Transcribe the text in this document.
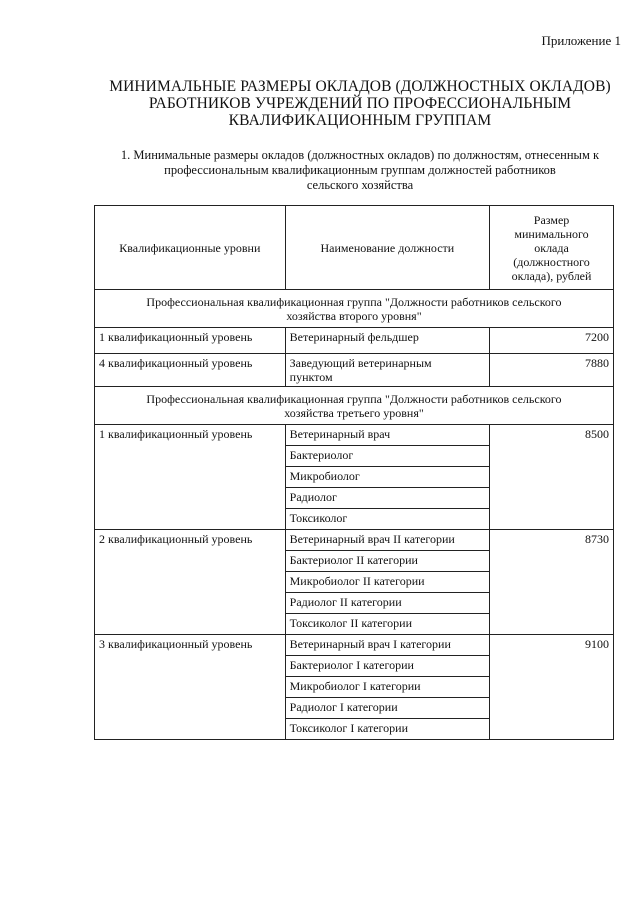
Приложение 1
МИНИМАЛЬНЫЕ РАЗМЕРЫ ОКЛАДОВ (ДОЛЖНОСТНЫХ ОКЛАДОВ)
РАБОТНИКОВ УЧРЕЖДЕНИЙ ПО ПРОФЕССИОНАЛЬНЫМ
КВАЛИФИКАЦИОННЫМ ГРУППАМ
1. Минимальные размеры окладов (должностных окладов) по должностям, отнесенным к
профессиональным квалификационным группам должностей работников
сельского хозяйства
Квалификационные уровни	Наименование должности	Размер
минимального
оклада
(должностного
оклада), рублей

Профессиональная квалификационная группа "Должности работников сельского
хозяйства второго уровня"		

1 квалификационный уровень	Ветеринарный фельдшер	7200
4 квалификационный уровень	Заведующий ветеринарным пунктом	7880

Профессиональная квалификационная группа "Должности работников сельского
хозяйства третьего уровня"		

1 квалификационный уровень	Ветеринарный врач	8500
	Бактериолог	
	Микробиолог	
	Радиолог	
	Токсиколог	
2 квалификационный уровень	Ветеринарный врач II категории	8730
	Бактериолог II категории	
	Микробиолог II категории	
	Радиолог II категории	
	Токсиколог II категории	
3 квалификационный уровень	Ветеринарный врач I категории	9100
	Бактериолог I категории	
	Микробиолог I категории	
	Радиолог I категории	
	Токсиколог I категории	
